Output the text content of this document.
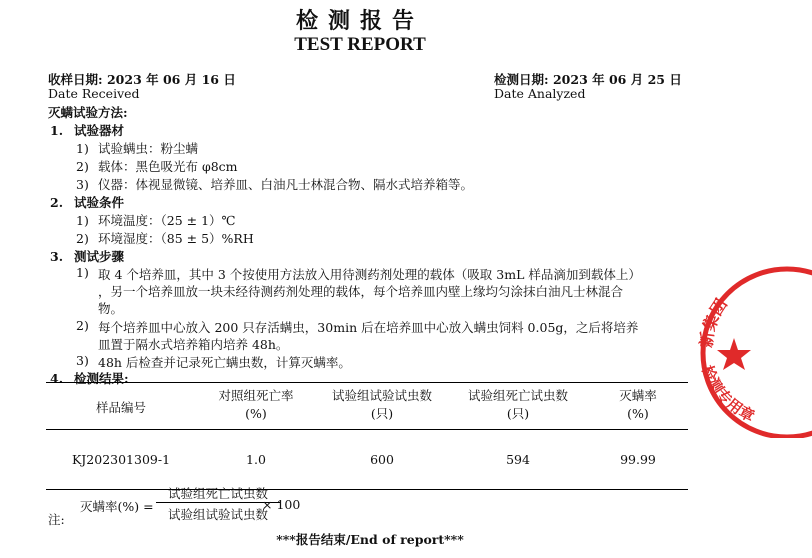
检测报告
TEST REPORT
收样日期: 2023 年 06 月 16 日
Date Received
检测日期: 2023 年 06 月 25 日
Date Analyzed
灭螨试验方法:
1. 试验器材
1) 试验螨虫：粉尘螨
2) 载体：黑色吸光布 φ8cm
3) 仪器：体视显微镜、培养皿、白油凡士林混合物、隔水式培养箱等。
2. 试验条件
1) 环境温度：（25 ± 1）℃
2) 环境湿度：（85 ± 5）%RH
3. 测试步骤
1) 取 4 个培养皿，其中 3 个按使用方法放入用待测药剂处理的载体（吸取 3mL 样品滴加到载体上）
，另一个培养皿放一块未经待测药剂处理的载体，每个培养皿内壁上缘均匀涂抹白油凡士林混合
物。
2) 每个培养皿中心放入 200 只存活螨虫，30min 后在培养皿中心放入螨虫饲料 0.05g，之后将培养
皿置于隔水式培养箱内培养 48h。
3) 48h 后检查并记录死亡螨虫数，计算灭螨率。
4. 检测结果:
样品编号	对照组死亡率	试验组试验试虫数	试验组死亡试虫数	灭螨率
	(%)	(只)	(只)	(%)
KJ202301309-1	1.0	600	594	99.99
注:
灭螨率(%) =
试验组死亡试虫数
试验组试验试虫数
× 100
***报告结束/End of report***
新集团
检测专用章
